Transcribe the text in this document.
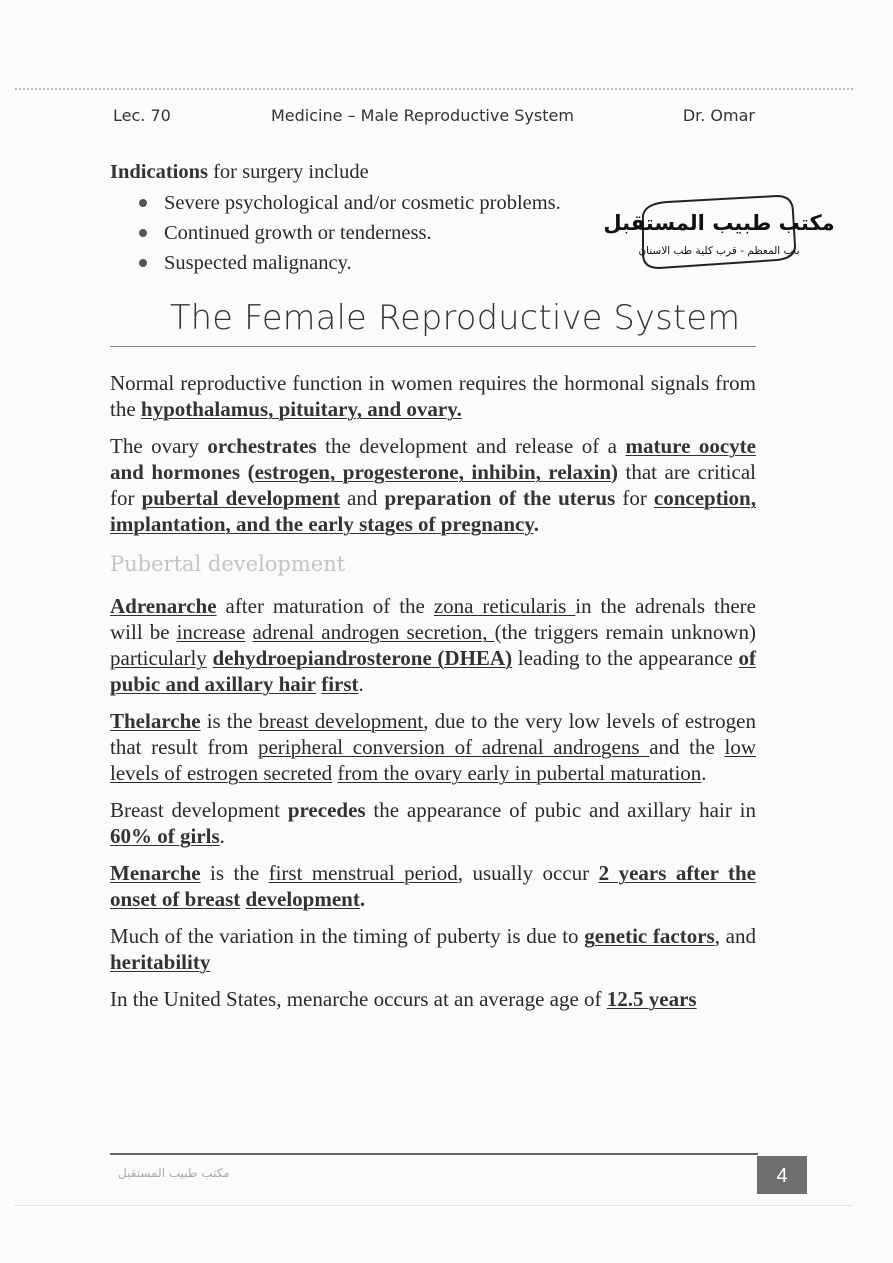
Lec. 70	Medicine – Male Reproductive System	Dr. Omar
Indications for surgery include
Severe psychological and/or cosmetic problems.
Continued growth or tenderness.
Suspected malignancy.
مكتب طبيب المستقبل
باب المعظم - قرب كلية طب الاسنان
The Female Reproductive System

Normal reproductive function in women requires the hormonal signals from the hypothalamus, pituitary, and ovary.

The ovary orchestrates the development and release of a mature oocyte and hormones (estrogen, progesterone, inhibin, relaxin) that are critical for pubertal development and preparation of the uterus for conception, implantation, and the early stages of pregnancy.

Pubertal development

Adrenarche after maturation of the zona reticularis in the adrenals there will be increase adrenal androgen secretion, (the triggers remain unknown) particularly dehydroepiandrosterone (DHEA) leading to the appearance of pubic and axillary hair first.

Thelarche is the breast development, due to the very low levels of estrogen that result from peripheral conversion of adrenal androgens and the low levels of estrogen secreted from the ovary early in pubertal maturation.

Breast development precedes the appearance of pubic and axillary hair in 60% of girls.

Menarche is the first menstrual period, usually occur 2 years after the onset of breast development.

Much of the variation in the timing of puberty is due to genetic factors, and heritability

In the United States, menarche occurs at an average age of 12.5 years

مكتب طبيب المستقبل	4
